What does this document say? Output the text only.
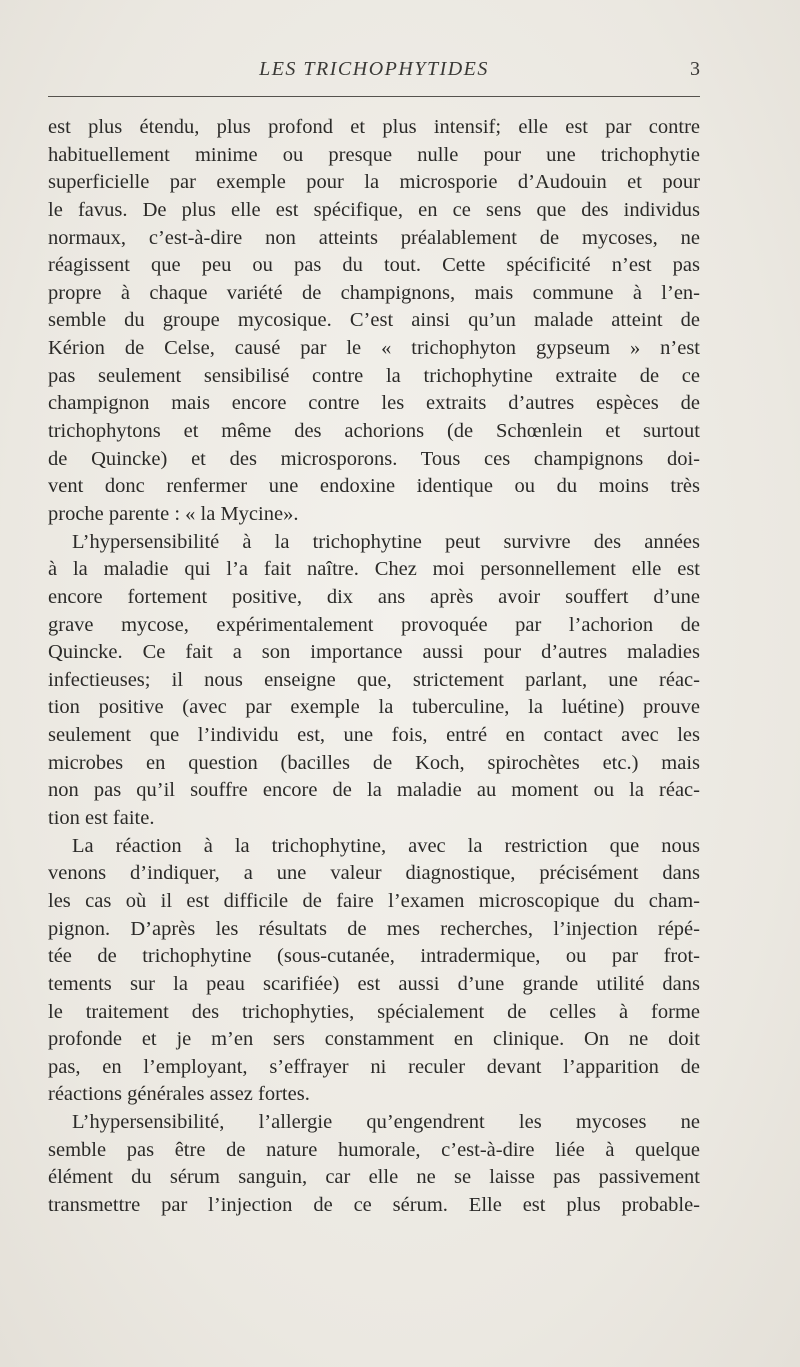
LES TRICHOPHYTIDES	3
est plus étendu, plus profond et plus intensif; elle est par contre
habituellement minime ou presque nulle pour une trichophytie
superficielle par exemple pour la microsporie d’Audouin et pour
le favus. De plus elle est spécifique, en ce sens que des individus
normaux, c’est-à-dire non atteints préalablement de mycoses, ne
réagissent que peu ou pas du tout. Cette spécificité n’est pas
propre à chaque variété de champignons, mais commune à l’en-
semble du groupe mycosique. C’est ainsi qu’un malade atteint de
Kérion de Celse, causé par le « trichophyton gypseum » n’est
pas seulement sensibilisé contre la trichophytine extraite de ce
champignon mais encore contre les extraits d’autres espèces de
trichophytons et même des achorions (de Schœnlein et surtout
de Quincke) et des microsporons. Tous ces champignons doi-
vent donc renfermer une endoxine identique ou du moins très
proche parente : « la Mycine».
L’hypersensibilité à la trichophytine peut survivre des années
à la maladie qui l’a fait naître. Chez moi personnellement elle est
encore fortement positive, dix ans après avoir souffert d’une
grave mycose, expérimentalement provoquée par l’achorion de
Quincke. Ce fait a son importance aussi pour d’autres maladies
infectieuses; il nous enseigne que, strictement parlant, une réac-
tion positive (avec par exemple la tuberculine, la luétine) prouve
seulement que l’individu est, une fois, entré en contact avec les
microbes en question (bacilles de Koch, spirochètes etc.) mais
non pas qu’il souffre encore de la maladie au moment ou la réac-
tion est faite.
La réaction à la trichophytine, avec la restriction que nous
venons d’indiquer, a une valeur diagnostique, précisément dans
les cas où il est difficile de faire l’examen microscopique du cham-
pignon. D’après les résultats de mes recherches, l’injection répé-
tée de trichophytine (sous-cutanée, intradermique, ou par frot-
tements sur la peau scarifiée) est aussi d’une grande utilité dans
le traitement des trichophyties, spécialement de celles à forme
profonde et je m’en sers constamment en clinique. On ne doit
pas, en l’employant, s’effrayer ni reculer devant l’apparition de
réactions générales assez fortes.
L’hypersensibilité, l’allergie qu’engendrent les mycoses ne
semble pas être de nature humorale, c’est-à-dire liée à quelque
élément du sérum sanguin, car elle ne se laisse pas passivement
transmettre par l’injection de ce sérum. Elle est plus probable-
